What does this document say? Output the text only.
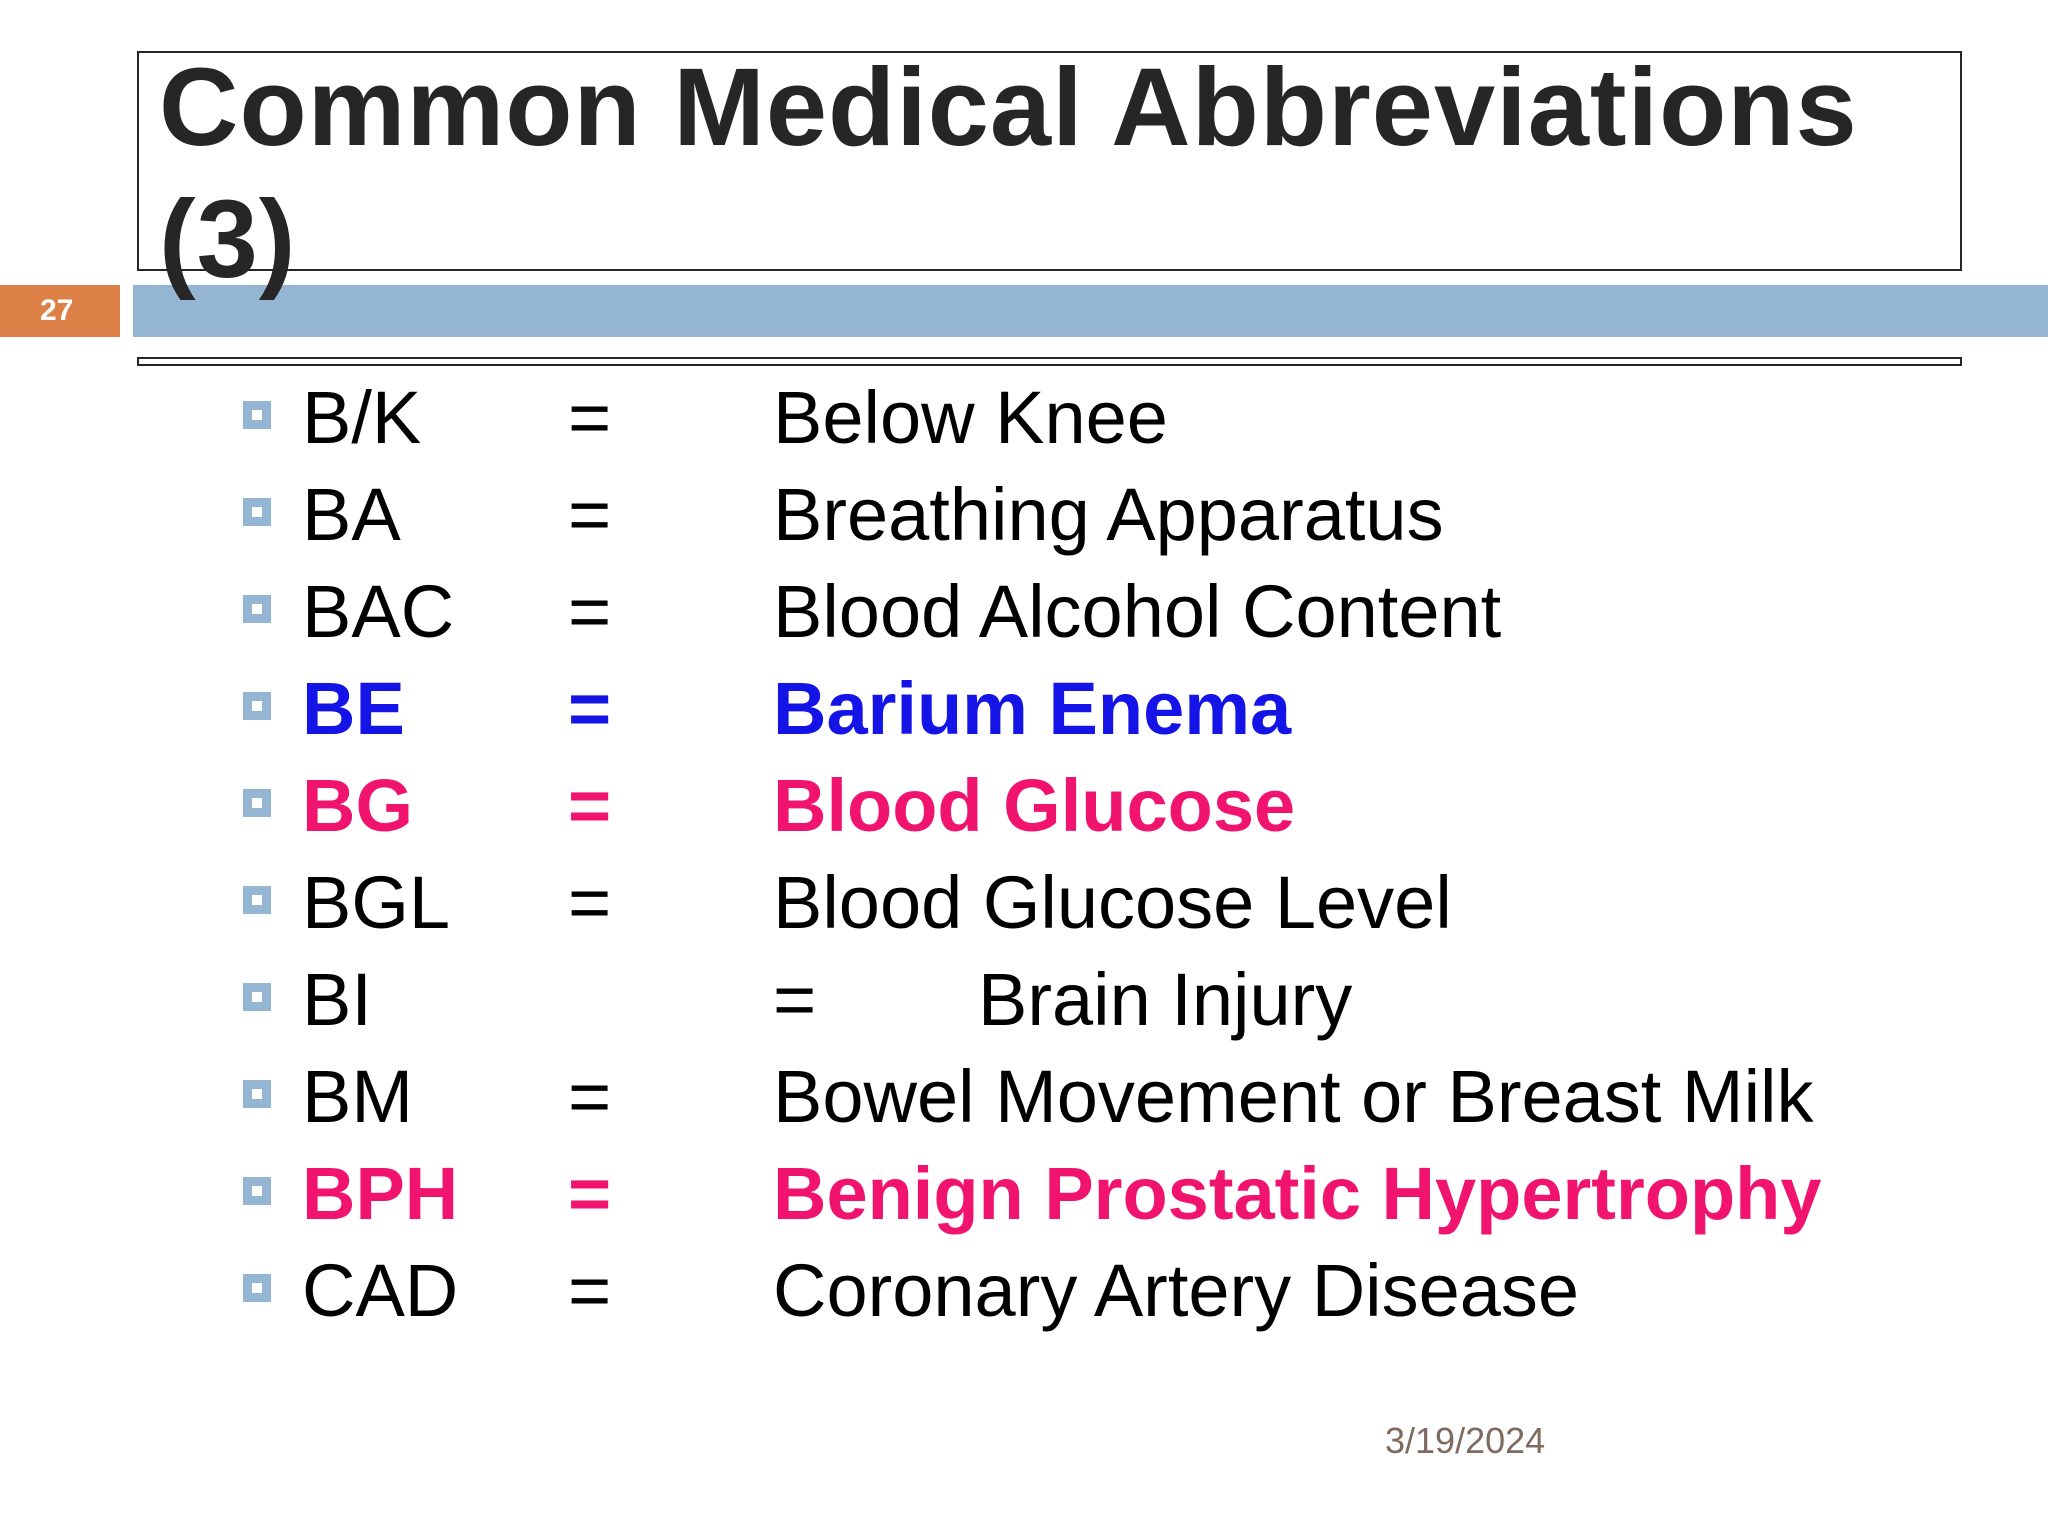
Common Medical Abbreviations (3)
27
B/K = Below Knee
BA = Breathing Apparatus
BAC = Blood Alcohol Content
BE = Barium Enema
BG = Blood Glucose
BGL = Blood Glucose Level
BI	= Brain Injury
BM = Bowel Movement or Breast Milk
BPH = Benign Prostatic Hypertrophy
CAD = Coronary Artery Disease
3/19/2024
